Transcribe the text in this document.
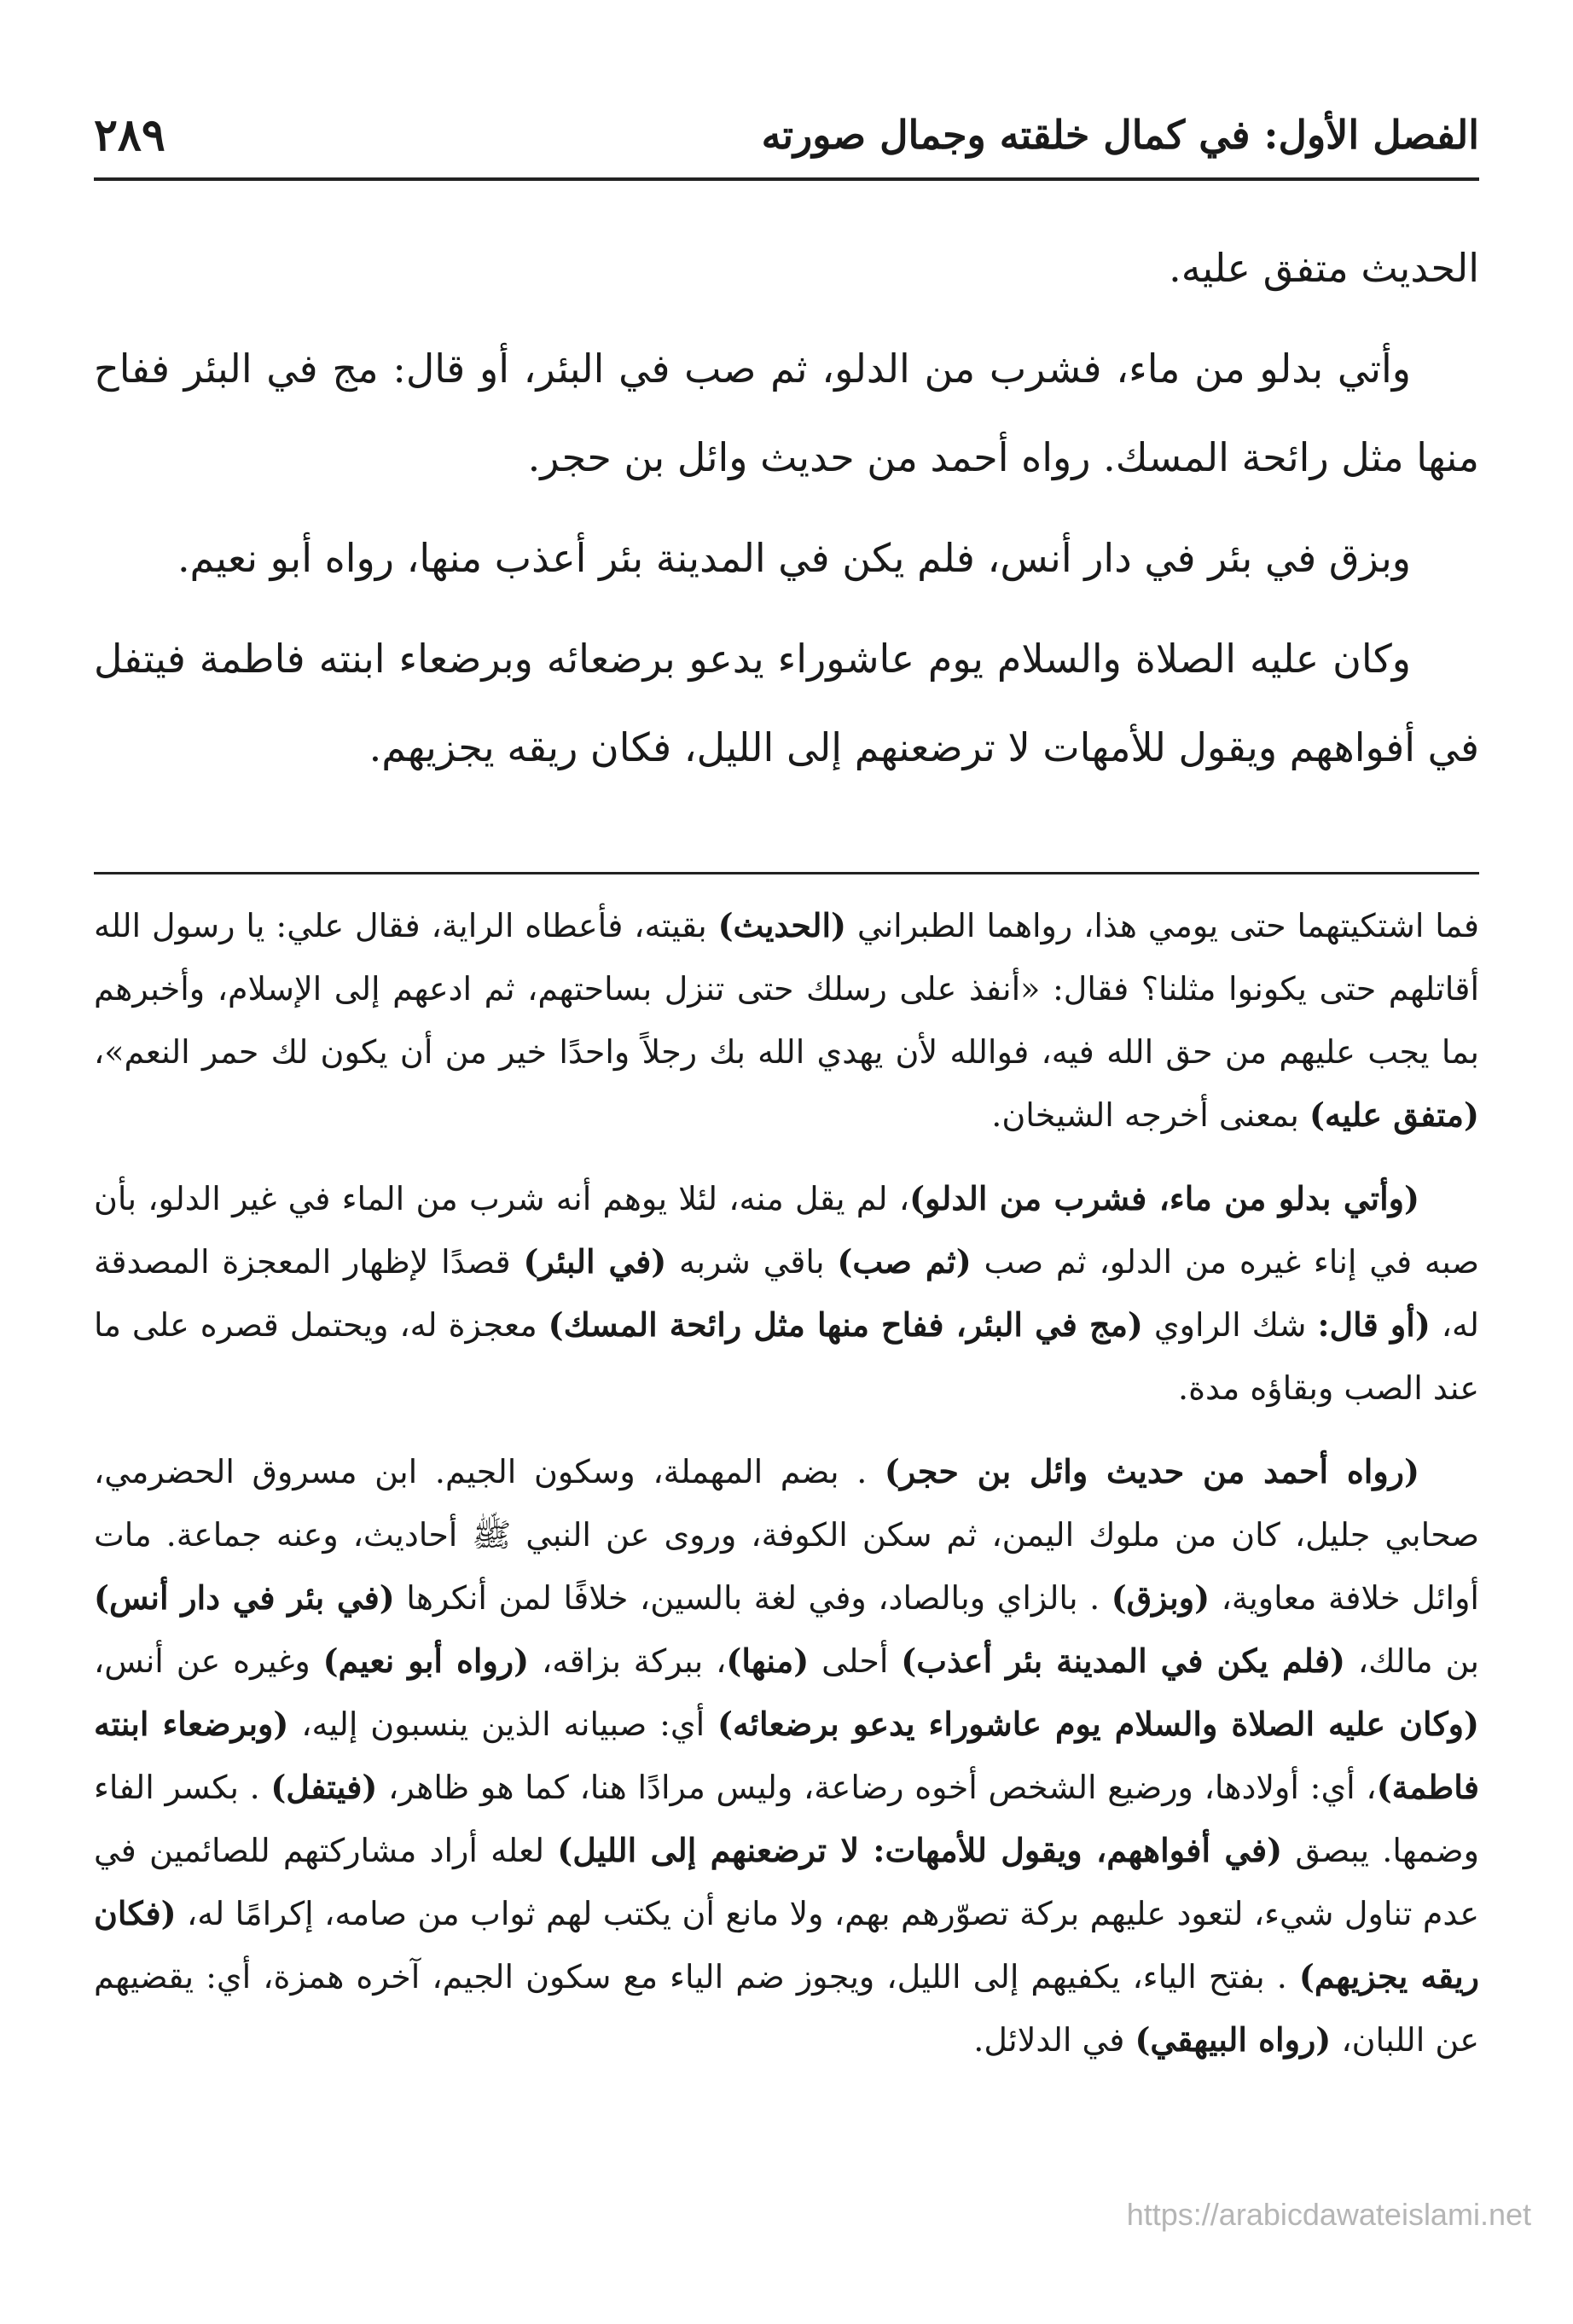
الفصل الأول: في كمال خلقته وجمال صورته
٢٨٩

الحديث متفق عليه.

وأتي بدلو من ماء، فشرب من الدلو، ثم صب في البئر، أو قال: مج في البئر ففاح منها مثل رائحة المسك. رواه أحمد من حديث وائل بن حجر.

وبزق في بئر في دار أنس، فلم يكن في المدينة بئر أعذب منها، رواه أبو نعيم.

وكان عليه الصلاة والسلام يوم عاشوراء يدعو برضعائه وبرضعاء ابنته فاطمة فيتفل في أفواههم ويقول للأمهات لا ترضعنهم إلى الليل، فكان ريقه يجزيهم.

فما اشتكيتهما حتى يومي هذا، رواهما الطبراني (الحديث) بقيته، فأعطاه الراية، فقال علي: يا رسول الله أقاتلهم حتى يكونوا مثلنا؟ فقال: «أنفذ على رسلك حتى تنزل بساحتهم، ثم ادعهم إلى الإسلام، وأخبرهم بما يجب عليهم من حق الله فيه، فوالله لأن يهدي الله بك رجلاً واحدًا خير من أن يكون لك حمر النعم»، (متفق عليه) بمعنى أخرجه الشيخان.

(وأتي بدلو من ماء، فشرب من الدلو)، لم يقل منه، لئلا يوهم أنه شرب من الماء في غير الدلو، بأن صبه في إناء غيره من الدلو، ثم صب (ثم صب) باقي شربه (في البئر) قصدًا لإظهار المعجزة المصدقة له، (أو قال: شك الراوي (مج في البئر، ففاح منها مثل رائحة المسك) معجزة له، ويحتمل قصره على ما عند الصب وبقاؤه مدة.

(رواه أحمد من حديث وائل بن حجر) . بضم المهملة، وسكون الجيم. ابن مسروق الحضرمي، صحابي جليل، كان من ملوك اليمن، ثم سكن الكوفة، وروى عن النبي ﷺ أحاديث، وعنه جماعة. مات أوائل خلافة معاوية، (وبزق) . بالزاي وبالصاد، وفي لغة بالسين، خلافًا لمن أنكرها (في بئر في دار أنس) بن مالك، (فلم يكن في المدينة بئر أعذب) أحلى (منها)، ببركة بزاقه، (رواه أبو نعيم) وغيره عن أنس، (وكان عليه الصلاة والسلام يوم عاشوراء يدعو برضعائه) أي: صبيانه الذين ينسبون إليه، (وبرضعاء ابنته فاطمة)، أي: أولادها، ورضيع الشخص أخوه رضاعة، وليس مرادًا هنا، كما هو ظاهر، (فيتفل) . بكسر الفاء وضمها. يبصق (في أفواههم، ويقول للأمهات: لا ترضعنهم إلى الليل) لعله أراد مشاركتهم للصائمين في عدم تناول شيء، لتعود عليهم بركة تصوّرهم بهم، ولا مانع أن يكتب لهم ثواب من صامه، إكرامًا له، (فكان ريقه يجزيهم) . بفتح الياء، يكفيهم إلى الليل، ويجوز ضم الياء مع سكون الجيم، آخره همزة، أي: يقضيهم عن اللبان، (رواه البيهقي) في الدلائل.

https://arabicdawateislami.net
